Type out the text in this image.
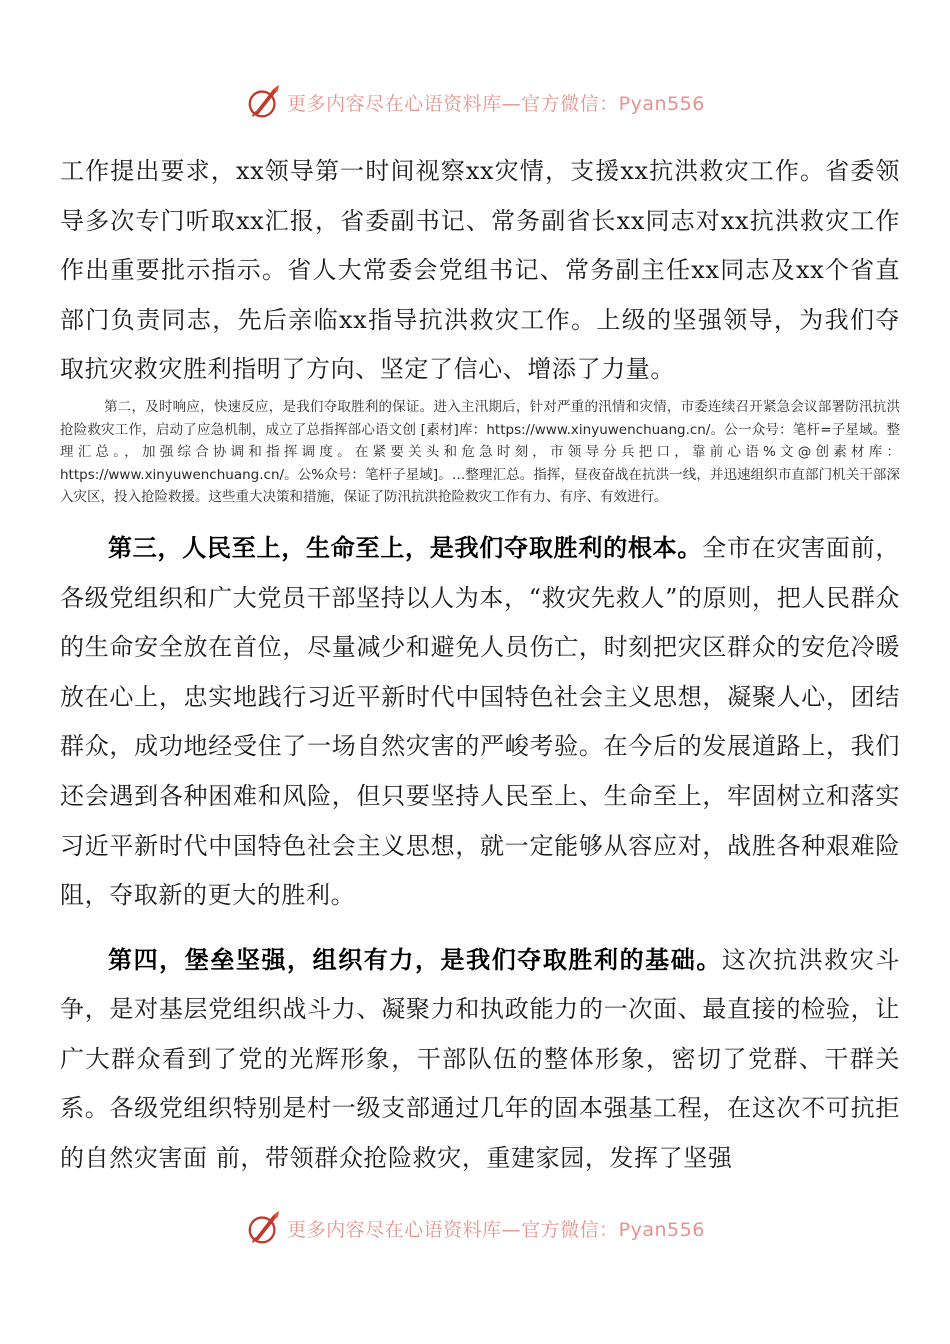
更多内容尽在心语资料库—官方微信：Pyan556

工作提出要求，xx领导第一时间视察xx灾情，支援xx抗洪救灾工作。省委领导多次专门听取xx汇报，省委副书记、常务副省长xx同志对xx抗洪救灾工作作出重要批示指示。省人大常委会党组书记、常务副主任xx同志及xx个省直部门负责同志，先后亲临xx指导抗洪救灾工作。上级的坚强领导，为我们夺取抗灾救灾胜利指明了方向、坚定了信心、增添了力量。

第二，及时响应，快速反应，是我们夺取胜利的保证。进入主汛期后，针对严重的汛情和灾情，市委连续召开紧急会议部署防汛抗洪抢险救灾工作，启动了应急机制，成立了总指挥部心语文创 [素材]库：https://www.xinyuwenchuang.cn/。公一众号：笔杆=子星域。整理汇总。，加强综合协调和指挥调度。在紧要关头和危急时刻，市领导分兵把口，靠前心语%文@创素材库：https://www.xinyuwenchuang.cn/。公%众号：笔杆子星域]。…整理汇总。指挥，昼夜奋战在抗洪一线，并迅速组织市直部门机关干部深入灾区，投入抢险救援。这些重大决策和措施，保证了防汛抗洪抢险救灾工作有力、有序、有效进行。

第三，人民至上，生命至上，是我们夺取胜利的根本。全市在灾害面前，各级党组织和广大党员干部坚持以人为本，“救灾先救人”的原则，把人民群众的生命安全放在首位，尽量减少和避免人员伤亡，时刻把灾区群众的安危冷暖放在心上，忠实地践行习近平新时代中国特色社会主义思想，凝聚人心，团结群众，成功地经受住了一场自然灾害的严峻考验。在今后的发展道路上，我们还会遇到各种困难和风险，但只要坚持人民至上、生命至上，牢固树立和落实习近平新时代中国特色社会主义思想，就一定能够从容应对，战胜各种艰难险阻，夺取新的更大的胜利。

第四，堡垒坚强，组织有力，是我们夺取胜利的基础。这次抗洪救灾斗争，是对基层党组织战斗力、凝聚力和执政能力的一次面、最直接的检验，让广大群众看到了党的光辉形象，干部队伍的整体形象，密切了党群、干群关系。各级党组织特别是村一级支部通过几年的固本强基工程，在这次不可抗拒的自然灾害面 前，带领群众抢险救灾，重建家园，发挥了坚强

更多内容尽在心语资料库—官方微信：Pyan556
